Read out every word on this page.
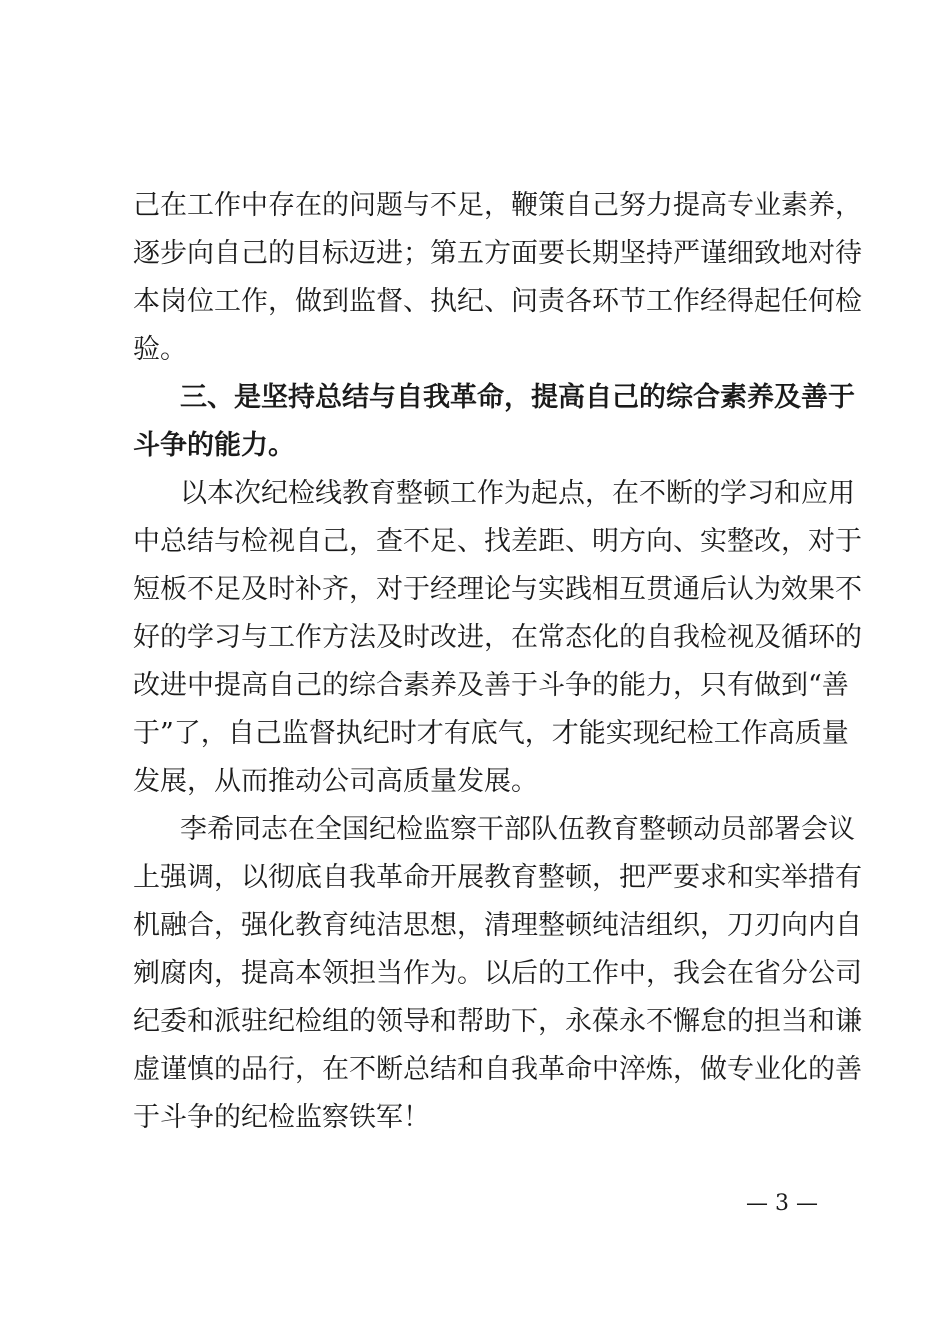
己在工作中存在的问题与不足，鞭策自己努力提高专业素养，
逐步向自己的目标迈进；第五方面要长期坚持严谨细致地对待
本岗位工作，做到监督、执纪、问责各环节工作经得起任何检
验。
三、是坚持总结与自我革命，提高自己的综合素养及善于
斗争的能力。
以本次纪检线教育整顿工作为起点，在不断的学习和应用
中总结与检视自己，查不足、找差距、明方向、实整改，对于
短板不足及时补齐，对于经理论与实践相互贯通后认为效果不
好的学习与工作方法及时改进，在常态化的自我检视及循环的
改进中提高自己的综合素养及善于斗争的能力，只有做到“善
于”了，自己监督执纪时才有底气，才能实现纪检工作高质量
发展，从而推动公司高质量发展。
李希同志在全国纪检监察干部队伍教育整顿动员部署会议
上强调，以彻底自我革命开展教育整顿，把严要求和实举措有
机融合，强化教育纯洁思想，清理整顿纯洁组织，刀刃向内自
剜腐肉，提高本领担当作为。以后的工作中，我会在省分公司
纪委和派驻纪检组的领导和帮助下，永葆永不懈怠的担当和谦
虚谨慎的品行，在不断总结和自我革命中淬炼，做专业化的善
于斗争的纪检监察铁军！
— 3 —
